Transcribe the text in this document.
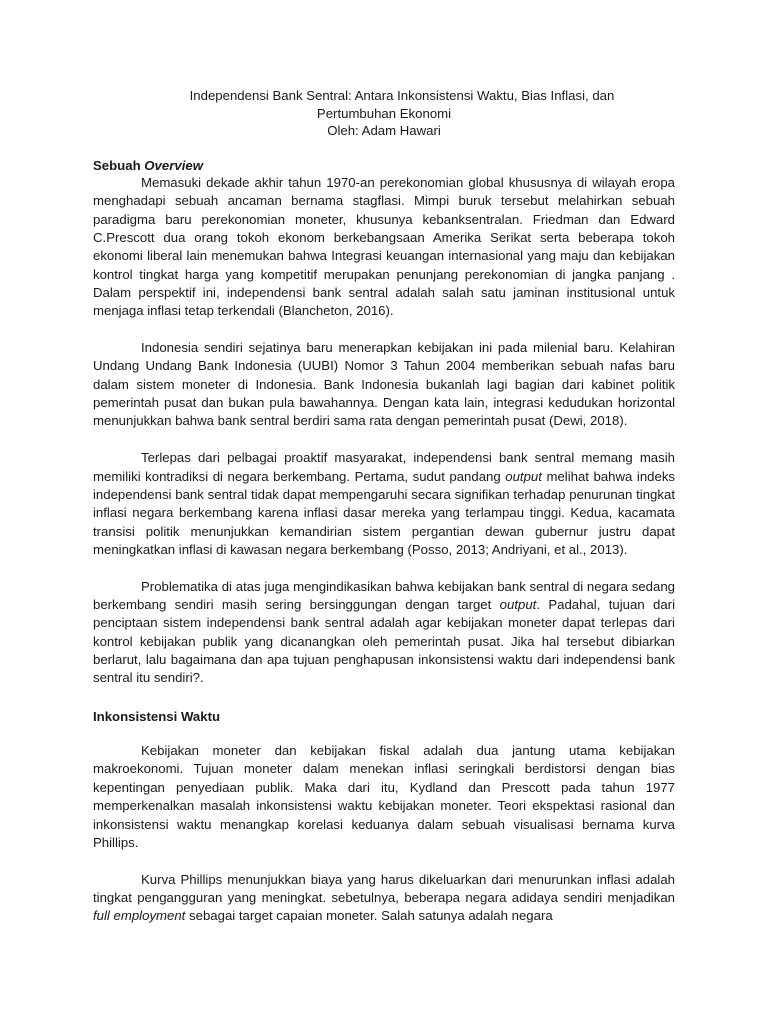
Independensi Bank Sentral: Antara Inkonsistensi Waktu, Bias Inflasi, dan
Pertumbuhan Ekonomi
Oleh: Adam Hawari
Sebuah Overview

Memasuki dekade akhir tahun 1970-an perekonomian global khususnya di wilayah eropa menghadapi sebuah ancaman bernama stagflasi. Mimpi buruk tersebut melahirkan sebuah paradigma baru perekonomian moneter, khusunya kebanksentralan. Friedman dan Edward C.Prescott dua orang tokoh ekonom berkebangsaan Amerika Serikat serta beberapa tokoh ekonomi liberal lain menemukan bahwa Integrasi keuangan internasional yang maju dan kebijakan kontrol tingkat harga yang kompetitif merupakan penunjang perekonomian di jangka panjang . Dalam perspektif ini, independensi bank sentral adalah salah satu jaminan institusional untuk menjaga inflasi tetap terkendali (Blancheton, 2016).

Indonesia sendiri sejatinya baru menerapkan kebijakan ini pada milenial baru. Kelahiran Undang Undang Bank Indonesia (UUBI) Nomor 3 Tahun 2004 memberikan sebuah nafas baru dalam sistem moneter di Indonesia. Bank Indonesia bukanlah lagi bagian dari kabinet politik pemerintah pusat dan bukan pula bawahannya. Dengan kata lain, integrasi kedudukan horizontal menunjukkan bahwa bank sentral berdiri sama rata dengan pemerintah pusat (Dewi, 2018).

Terlepas dari pelbagai proaktif masyarakat, independensi bank sentral memang masih memiliki kontradiksi di negara berkembang. Pertama, sudut pandang output melihat bahwa indeks independensi bank sentral tidak dapat mempengaruhi secara signifikan terhadap penurunan tingkat inflasi negara berkembang karena inflasi dasar mereka yang terlampau tinggi. Kedua, kacamata transisi politik menunjukkan kemandirian sistem pergantian dewan gubernur justru dapat meningkatkan inflasi di kawasan negara berkembang (Posso, 2013; Andriyani, et al., 2013).

Problematika di atas juga mengindikasikan bahwa kebijakan bank sentral di negara sedang berkembang sendiri masih sering bersinggungan dengan target output. Padahal, tujuan dari penciptaan sistem independensi bank sentral adalah agar kebijakan moneter dapat terlepas dari kontrol kebijakan publik yang dicanangkan oleh pemerintah pusat. Jika hal tersebut dibiarkan berlarut, lalu bagaimana dan apa tujuan penghapusan inkonsistensi waktu dari independensi bank sentral itu sendiri?.

Inkonsistensi Waktu

Kebijakan moneter dan kebijakan fiskal adalah dua jantung utama kebijakan makroekonomi. Tujuan moneter dalam menekan inflasi seringkali berdistorsi dengan bias kepentingan penyediaan publik. Maka dari itu, Kydland dan Prescott pada tahun 1977 memperkenalkan masalah inkonsistensi waktu kebijakan moneter. Teori ekspektasi rasional dan inkonsistensi waktu menangkap korelasi keduanya dalam sebuah visualisasi bernama kurva Phillips.

Kurva Phillips menunjukkan biaya yang harus dikeluarkan dari menurunkan inflasi adalah tingkat pengangguran yang meningkat. sebetulnya, beberapa negara adidaya sendiri menjadikan full employment sebagai target capaian moneter. Salah satunya adalah negara
